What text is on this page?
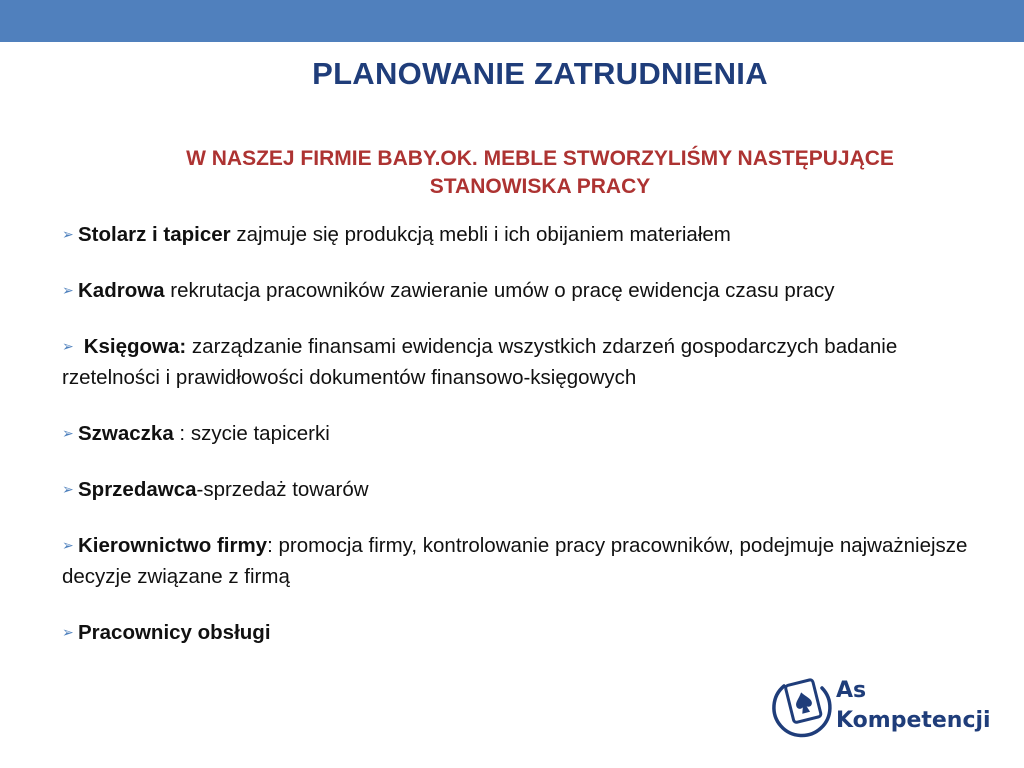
PLANOWANIE ZATRUDNIENIA
W NASZEJ FIRMIE BABY.OK. MEBLE STWORZYLIŚMY NASTĘPUJĄCE
STANOWISKA PRACY
➢ Stolarz i tapicer zajmuje się produkcją mebli i ich obijaniem materiałem
➢ Kadrowa rekrutacja pracowników zawieranie umów o pracę ewidencja czasu pracy
➢ Księgowa: zarządzanie finansami ewidencja wszystkich zdarzeń gospodarczych badanie rzetelności i prawidłowości dokumentów finansowo-księgowych
➢ Szwaczka : szycie tapicerki
➢ Sprzedawca-sprzedaż towarów
➢ Kierownictwo firmy: promocja firmy, kontrolowanie pracy pracowników, podejmuje najważniejsze decyzje związane z firmą
➢ Pracownicy obsługi
As
Kompetencji
